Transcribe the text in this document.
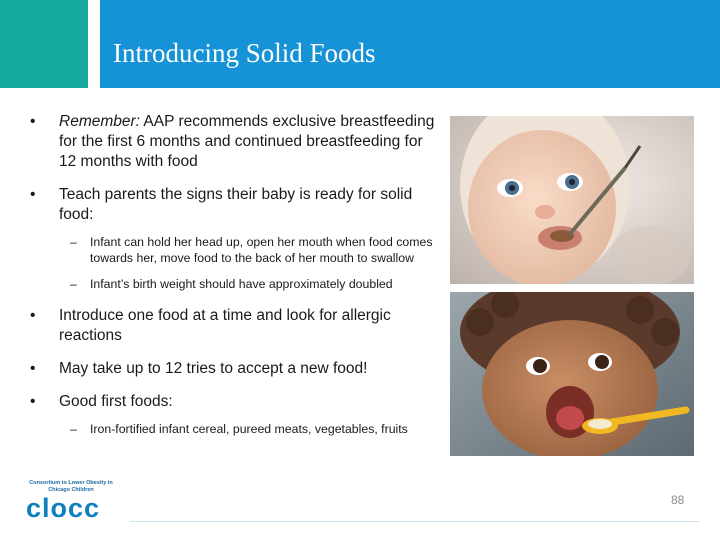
Introducing Solid Foods
• Remember: AAP recommends exclusive breastfeeding for the first 6 months and continued breastfeeding for 12 months with food
• Teach parents the signs their baby is ready for solid food:
– Infant can hold her head up, open her mouth when food comes towards her, move food to the back of her mouth to swallow
– Infant’s birth weight should have approximately doubled
• Introduce one food at a time and look for allergic reactions
• May take up to 12 tries to accept a new food!
• Good first foods:
– Iron-fortified infant cereal, pureed meats, vegetables, fruits
Consortium to Lower Obesity in Chicago Children
clocc	88
